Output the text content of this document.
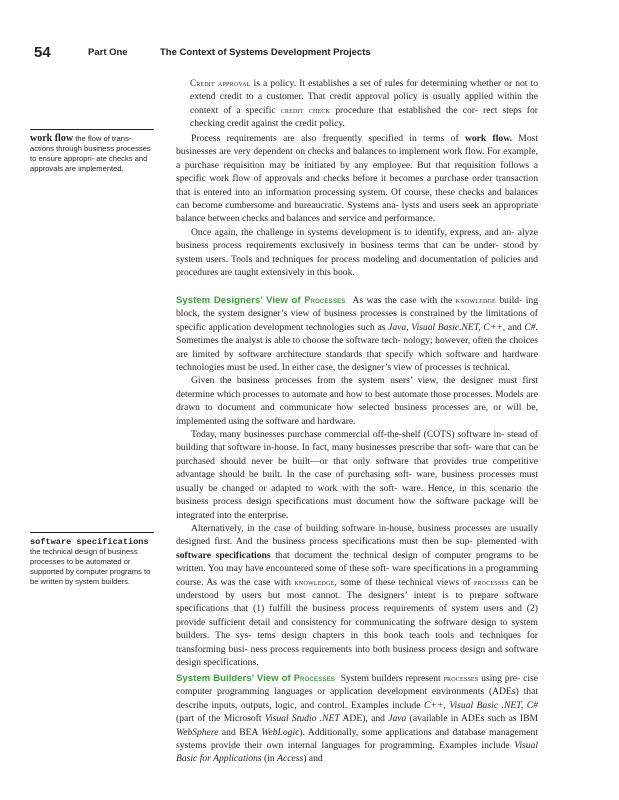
54	Part One	The Context of Systems Development Projects

Credit approval is a policy. It establishes a set of rules for determining whether or not to extend credit to a customer. That credit approval policy is usually applied within the context of a specific credit check procedure that established the cor- rect steps for checking credit against the credit policy.

work flow the flow of trans- actions through business processes to ensure appropri- ate checks and approvals are implemented.

Process requirements are also frequently specified in terms of work flow. Most businesses are very dependent on checks and balances to implement work flow. For example, a purchase requisition may be initiated by any employee. But that requisition follows a specific work flow of approvals and checks before it becomes a purchase order transaction that is entered into an information processing system. Of course, these checks and balances can become cumbersome and bureaucratic. Systems ana- lysts and users seek an appropriate balance between checks and balances and service and performance.

Once again, the challenge in systems development is to identify, express, and an- alyze business process requirements exclusively in business terms that can be under- stood by system users. Tools and techniques for process modeling and documentation of policies and procedures are taught extensively in this book.

System Designers’ View of Processes As was the case with the knowledge build- ing block, the system designer’s view of business processes is constrained by the limitations of specific application development technologies such as Java, Visual Basic.NET, C++, and C#. Sometimes the analyst is able to choose the software tech- nology; however, often the choices are limited by software architecture standards that specify which software and hardware technologies must be used. In either case, the designer’s view of processes is technical.

Given the business processes from the system users’ view, the designer must first determine which processes to automate and how to best automate those processes. Models are drawn to document and communicate how selected business processes are, or will be, implemented using the software and hardware.

Today, many businesses purchase commercial off-the-shelf (COTS) software in- stead of building that software in-house. In fact, many businesses prescribe that soft- ware that can be purchased should never be built—or that only software that provides true competitive advantage should be built. In the case of purchasing soft- ware, business processes must usually be changed or adapted to work with the soft- ware. Hence, in this scenario the business process design specifications must document how the software package will be integrated into the enterprise.

Alternatively, in the case of building software in-house, business processes are usually designed first. And the business process specifications must then be sup- plemented with software specifications that document the technical design of computer programs to be written. You may have encountered some of these soft- ware specifications in a programming course. As was the case with knowledge, some of these technical views of processes can be understood by users but most cannot. The designers’ intent is to prepare software specifications that (1) fulfill the business process requirements of system users and (2) provide sufficient detail and consistency for communicating the software design to system builders. The sys- tems design chapters in this book teach tools and techniques for transforming busi- ness process requirements into both business process design and software design specifications.

software specifications
the technical design of business processes to be automated or supported by computer programs to be written by system builders.

System Builders’ View of Processes System builders represent processes using pre- cise computer programming languages or application development environments (ADEs) that describe inputs, outputs, logic, and control. Examples include C++, Visual Basic .NET, C# (part of the Microsoft Visual Studio .NET ADE), and Java (available in ADEs such as IBM WebSphere and BEA WebLogic). Additionally, some applications and database management systems provide their own internal languages for programming. Examples include Visual Basic for Applications (in Access) and
